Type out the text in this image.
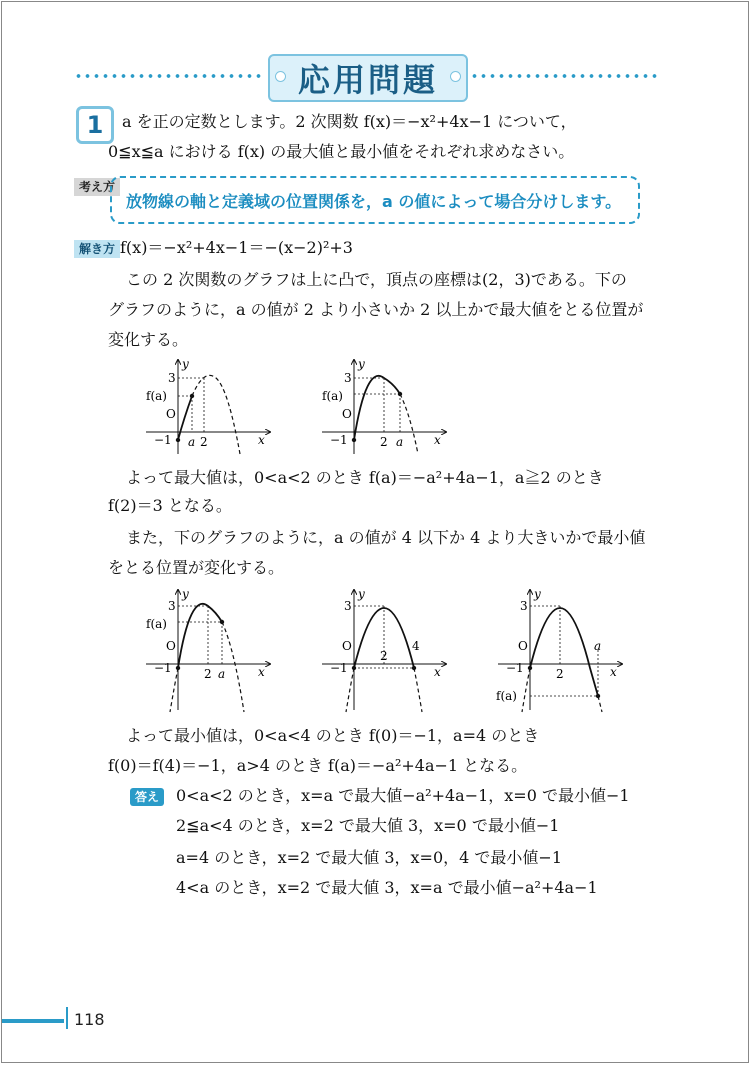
応用問題
1	a を正の定数とします。2 次関数 f(x)＝−x²+4x−1 について，
0≦x≦a における f(x) の最大値と最小値をそれぞれ求めなさい。
考え方
放物線の軸と定義域の位置関係を，a の値によって場合分けします。
解き方 f(x)＝−x²+4x−1＝−(x−2)²+3
この 2 次関数のグラフは上に凸で，頂点の座標は(2，3)である。下の
グラフのように，a の値が 2 より小さいか 2 以上かで最大値をとる位置が
変化する。
y
3
f(a)
O
−1 a 2	x
y
3
f(a)
O
−1	2 a	x
よって最大値は，0<a<2 のとき f(a)＝−a²+4a−1，a≧2 のとき
f(2)＝3 となる。
また，下のグラフのように，a の値が 4 以下か 4 より大きいかで最小値
をとる位置が変化する。
y
3
f(a)
O
−1	2 a	x
y
3
O	4
−1
2
x
y
3
O	a
−1	2
f(a)
x
よって最小値は，0<a<4 のとき f(0)＝−1，a=4 のとき
f(0)＝f(4)＝−1，a>4 のとき f(a)＝−a²+4a−1 となる。
答え	0<a<2 のとき，x=a で最大値−a²+4a−1，x=0 で最小値−1
2≦a<4 のとき，x=2 で最大値 3，x=0 で最小値−1
a=4 のとき，x=2 で最大値 3，x=0，4 で最小値−1
4<a のとき，x=2 で最大値 3，x=a で最小値−a²+4a−1
118
